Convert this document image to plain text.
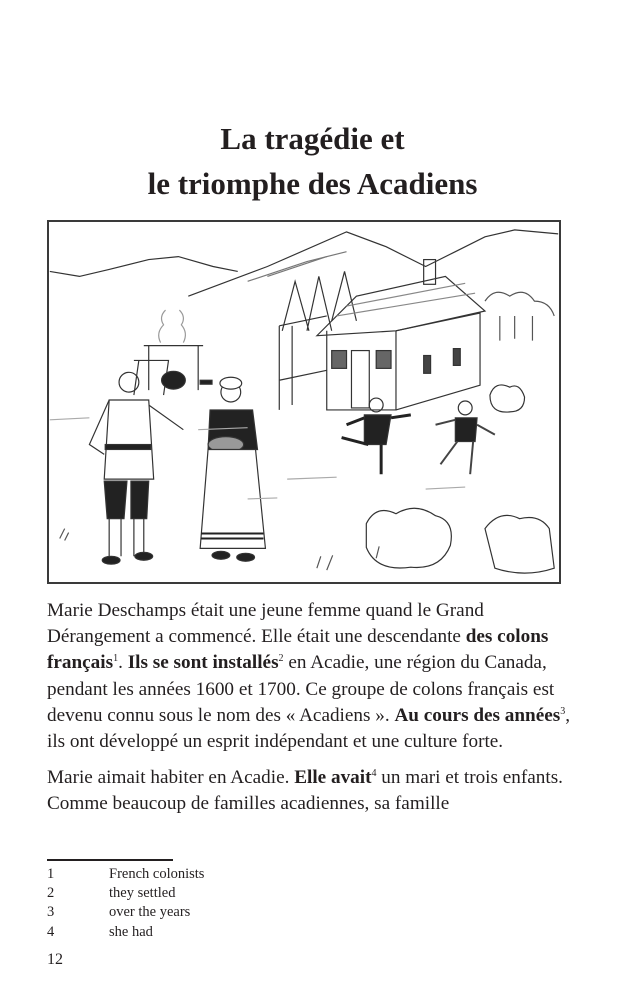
La tragédie et
le triomphe des Acadiens

Marie Deschamps était une jeune femme quand le Grand Dérangement a commencé. Elle était une descendante des colons français$^1$. Ils se sont installés$^2$ en Acadie, une région du Canada, pendant les années 1600 et 1700. Ce groupe de colons français est devenu connu sous le nom des « Acadiens ». Au cours des années$^3$, ils ont développé un esprit indépendant et une culture forte.

Marie aimait habiter en Acadie. Elle avait$^4$ un mari et trois enfants. Comme beaucoup de familles acadiennes, sa famille

1	French colonists
2	they settled
3	over the years
4	she had
12
